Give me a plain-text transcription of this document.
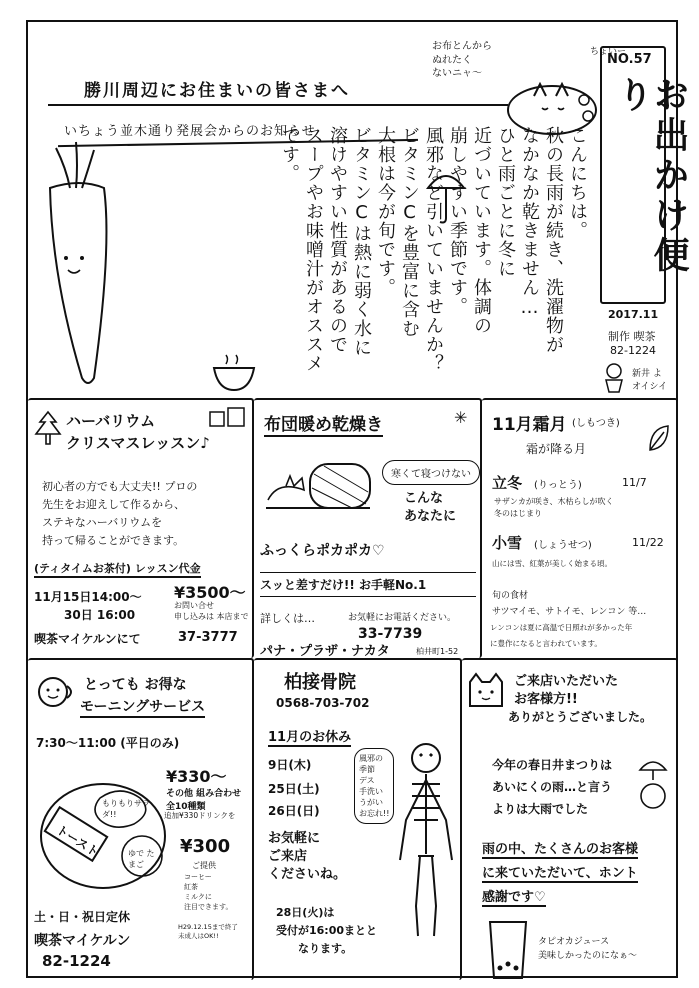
勝川周辺にお住まいの皆さまへ
いちょう並木通り発展会からのお知らせ
お布とんから
ぬれたく
ないニャ〜
ちょいー
NO.57
お出かけ便り
2017.11
制作 喫茶
82-1224
新井 よ
オイシイ
こんにちは。
秋の長雨が続き、洗濯物が
なかなか乾きません…
ひと雨ごとに冬に
近づいています。体調の
崩しやすい季節です。
風邪など引いていませんか？
ビタミンCを豊富に含む
大根は今が旬です。
ビタミンCは熱に弱く水に
溶けやすい性質があるので
スープやお味噌汁がオススメ
です。
ハーバリウム
クリスマスレッスン♪
初心者の方でも大丈夫!! プロの
先生をお迎えして作るから、
ステキなハーバリウムを
持って帰ることができます。
(ティタイムお茶付) レッスン代金
¥3500〜
11月15日14:00〜
30日 16:00
お問い合せ
申し込みは 本店まで
喫茶マイケルンにて	37-3777
布団暖め乾燥き	✳
寒くて寝つけない
こんな
あなたに
ふっくらポカポカ♡
スッと差すだけ!! お手軽No.1
詳しくは…	お気軽にお電話ください。
33-7739
パナ・プラザ・ナカタ	柏井町1-52
11月霜月 (しもつき)
霜が降る月
立冬 (りっとう)	11/7
サザンカが咲き、木枯らしが吹く
冬のはじまり
小雪 (しょうせつ)	11/22
山には雪、紅葉が美しく始まる頃。
旬の食材
サツマイモ、サトイモ、レンコン 等…
レンコンは夏に高温で日照れが多かった年
に豊作になると言われています。
とっても お得な
モーニングサービス
7:30〜11:00 (平日のみ)
¥330〜
その他 組み合わせ 全10種類
トースト
もりもりサラダ!!
ゆで たまご
追加¥330ドリンクを
¥300
ご提供
コーヒー
紅茶
ミルクに
注目できます。
H29.12.15まで終了
未成人はOK!!
土・日・祝日定休
喫茶マイケルン
82-1224
柏接骨院
0568-703-702
11月のお休み
9日(木)
25日(土)
26日(日)
お気軽に
ご来店
くださいね。
28日(火)は
受付が16:00まとと
なります。
風邪の
季節
デス
手洗い
うがい
お忘れ!!
ご来店いただいた
お客様方!!
ありがとうございました。
今年の春日井まつりは
あいにくの雨…と言う
よりは大雨でした
雨の中、たくさんのお客様
に来ていただいて、ホント
感謝です♡
タピオカジュース
美味しかったのになぁ〜
